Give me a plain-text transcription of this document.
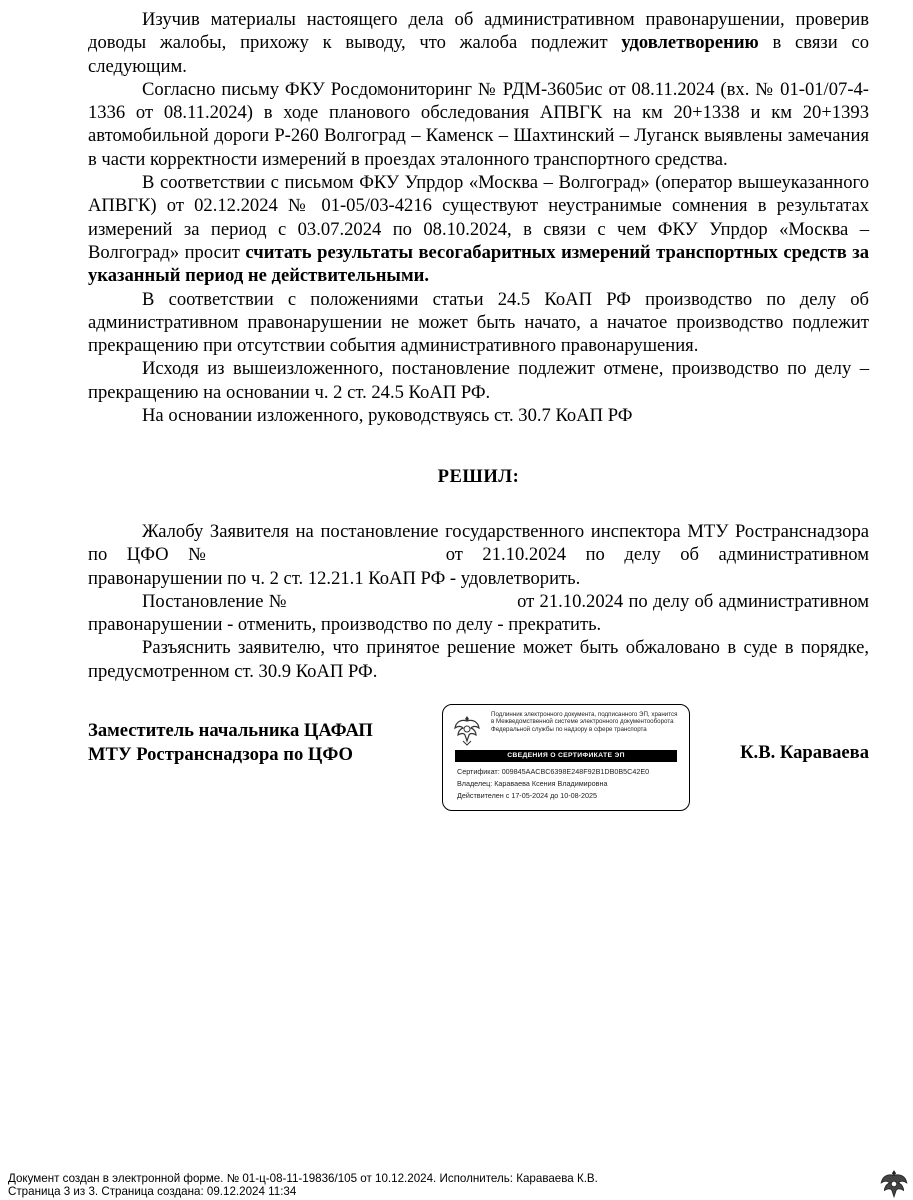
Изучив материалы настоящего дела об административном правонарушении, проверив доводы жалобы, прихожу к выводу, что жалоба подлежит удовлетворению в связи со следующим.

Согласно письму ФКУ Росдомониторинг № РДМ-3605ис от 08.11.2024 (вх. № 01-01/07-4-1336 от 08.11.2024) в ходе планового обследования АПВГК на км 20+1338 и км 20+1393 автомобильной дороги Р-260 Волгоград – Каменск – Шахтинский – Луганск выявлены замечания в части корректности измерений в проездах эталонного транспортного средства.

В соответствии с письмом ФКУ Упрдор «Москва – Волгоград» (оператор вышеуказанного АПВГК) от 02.12.2024 № 01-05/03-4216 существуют неустранимые сомнения в результатах измерений за период с 03.07.2024 по 08.10.2024, в связи с чем ФКУ Упрдор «Москва – Волгоград» просит считать результаты весогабаритных измерений транспортных средств за указанный период не действительными.

В соответствии с положениями статьи 24.5 КоАП РФ производство по делу об административном правонарушении не может быть начато, а начатое производство подлежит прекращению при отсутствии события административного правонарушения.

Исходя из вышеизложенного, постановление подлежит отмене, производство по делу – прекращению на основании ч. 2 ст. 24.5 КоАП РФ.

На основании изложенного, руководствуясь ст. 30.7 КоАП РФ

РЕШИЛ:

Жалобу Заявителя на постановление государственного инспектора МТУ Ространснадзора по ЦФО №	от 21.10.2024 по делу об административном правонарушении по ч. 2 ст. 12.21.1 КоАП РФ - удовлетворить.

Постановление №	от 21.10.2024 по делу об административном правонарушении - отменить, производство по делу - прекратить.

Разъяснить заявителю, что принятое решение может быть обжаловано в суде в порядке, предусмотренном ст. 30.9 КоАП РФ.

Заместитель начальника ЦАФАП
МТУ Ространснадзора по ЦФО
Подлинник электронного документа, подписанного ЭП, хранится в Межведомственной системе электронного документооборота Федеральной службы по надзору в сфере транспорта
СВЕДЕНИЯ О СЕРТИФИКАТЕ ЭП
Сертификат: 009845AACBC6398E248F92B1DB0B5C42E0
Владелец: Караваева Ксения Владимировна
Действителен с 17-05-2024 до 10-08-2025
К.В. Караваева
Документ создан в электронной форме. № 01-ц-08-11-19836/105 от 10.12.2024. Исполнитель: Караваева К.В.
Страница 3 из 3. Страница создана: 09.12.2024 11:34
